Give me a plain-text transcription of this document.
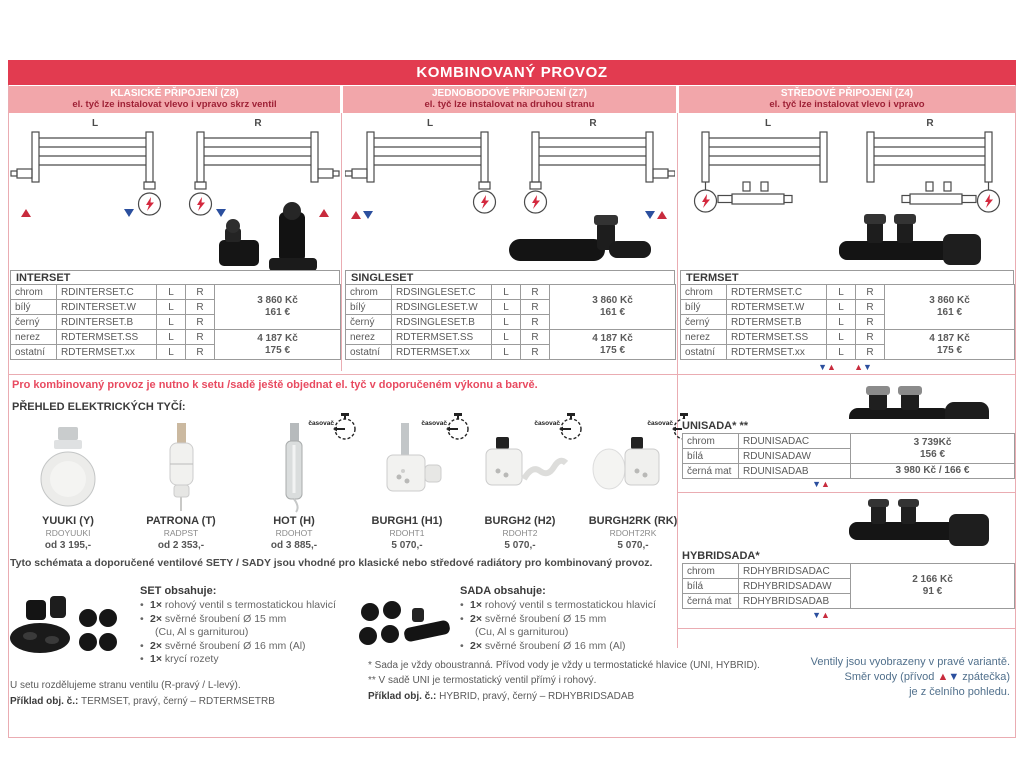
KOMBINOVANÝ PROVOZ
KLASICKÉ PŘIPOJENÍ (Z8)
el. tyč lze instalovat vlevo i vpravo skrz ventil
JEDNOBODOVÉ PŘIPOJENÍ (Z7)
el. tyč lze instalovat na druhou stranu
STŘEDOVÉ PŘIPOJENÍ (Z4)
el. tyč lze instalovat vlevo i vpravo
L	R	L	R	L	R
INTERSET
chrom	RDINTERSET.C	L	R	3 860 Kč
161 €

bílý	RDINTERSET.W	L	R	
černý	RDINTERSET.B	L	R	
nerez	RDTERMSET.SS	L	R	4 187 Kč
175 €

ostatní	RDTERMSET.xx	L	R	
SINGLESET
chrom	RDSINGLESET.C	L	R	3 860 Kč
161 €

bílý	RDSINGLESET.W	L	R	
černý	RDSINGLESET.B	L	R	
nerez	RDTERMSET.SS	L	R	4 187 Kč
175 €

ostatní	RDTERMSET.xx	L	R	
TERMSET
chrom	RDTERMSET.C	L	R	3 860 Kč
161 €

bílý	RDTERMSET.W	L	R	
černý	RDTERMSET.B	L	R	
nerez	RDTERMSET.SS	L	R	4 187 Kč
175 €

ostatní	RDTERMSET.xx	L	R	
▼▲	▲▼
Pro kombinovaný provoz je nutno k setu /sadě ještě objednat el. tyč v doporučeném výkonu a barvě.
PŘEHLED ELEKTRICKÝCH TYČÍ:
YUUKI (Y)
RDOYUUKI
od 3 195,-
PATRONA (T)
RADPST
od 2 353,-
časovač
HOT (H)
RDOHOT
od 3 885,-
časovač
BURGH1 (H1)
RDOHT1
5 070,-
časovač
BURGH2 (H2)
RDOHT2
5 070,-
časovač
BURGH2RK (RK)
RDOHT2RK
5 070,-
Tyto schémata a doporučené ventilové SETY / SADY jsou vhodné pro klasické nebo středové radiátory pro kombinovaný provoz.
SET obsahuje:
• 1× rohový ventil s termostatickou hlavicí
• 2× svěrné šroubení Ø 15 mm
(Cu, Al s garniturou)
• 2× svěrné šroubení Ø 16 mm (Al)
• 1× krycí rozety
SADA obsahuje:
• 1× rohový ventil s termostatickou hlavicí
• 2× svěrné šroubení Ø 15 mm
(Cu, Al s garniturou)
• 2× svěrné šroubení Ø 16 mm (Al)
* Sada je vždy oboustranná. Přívod vody je vždy u termostatické hlavice (UNI, HYBRID).
** V sadě UNI je termostatický ventil přímý i rohový.
Příklad obj. č.: HYBRID, pravý, černý – RDHYBRIDSADAB
U setu rozdělujeme stranu ventilu (R-pravý / L-levý).
Příklad obj. č.: TERMSET, pravý, černý – RDTERMSETRB
UNISADA* **
chrom	RDUNISADAC	3 739Kč
156 €

bílá	RDUNISADAW	
černá mat	RDUNISADAB	3 980 Kč / 166 €
▼▲
HYBRIDSADA*
chrom	RDHYBRIDSADAC	2 166 Kč
91 €

bílá	RDHYBRIDSADAW	
černá mat	RDHYBRIDSADAB	
▼▲
Ventily jsou vyobrazeny v pravé variantě.
Směr vody (přívod ▲▼ zpátečka)
je z čelního pohledu.
